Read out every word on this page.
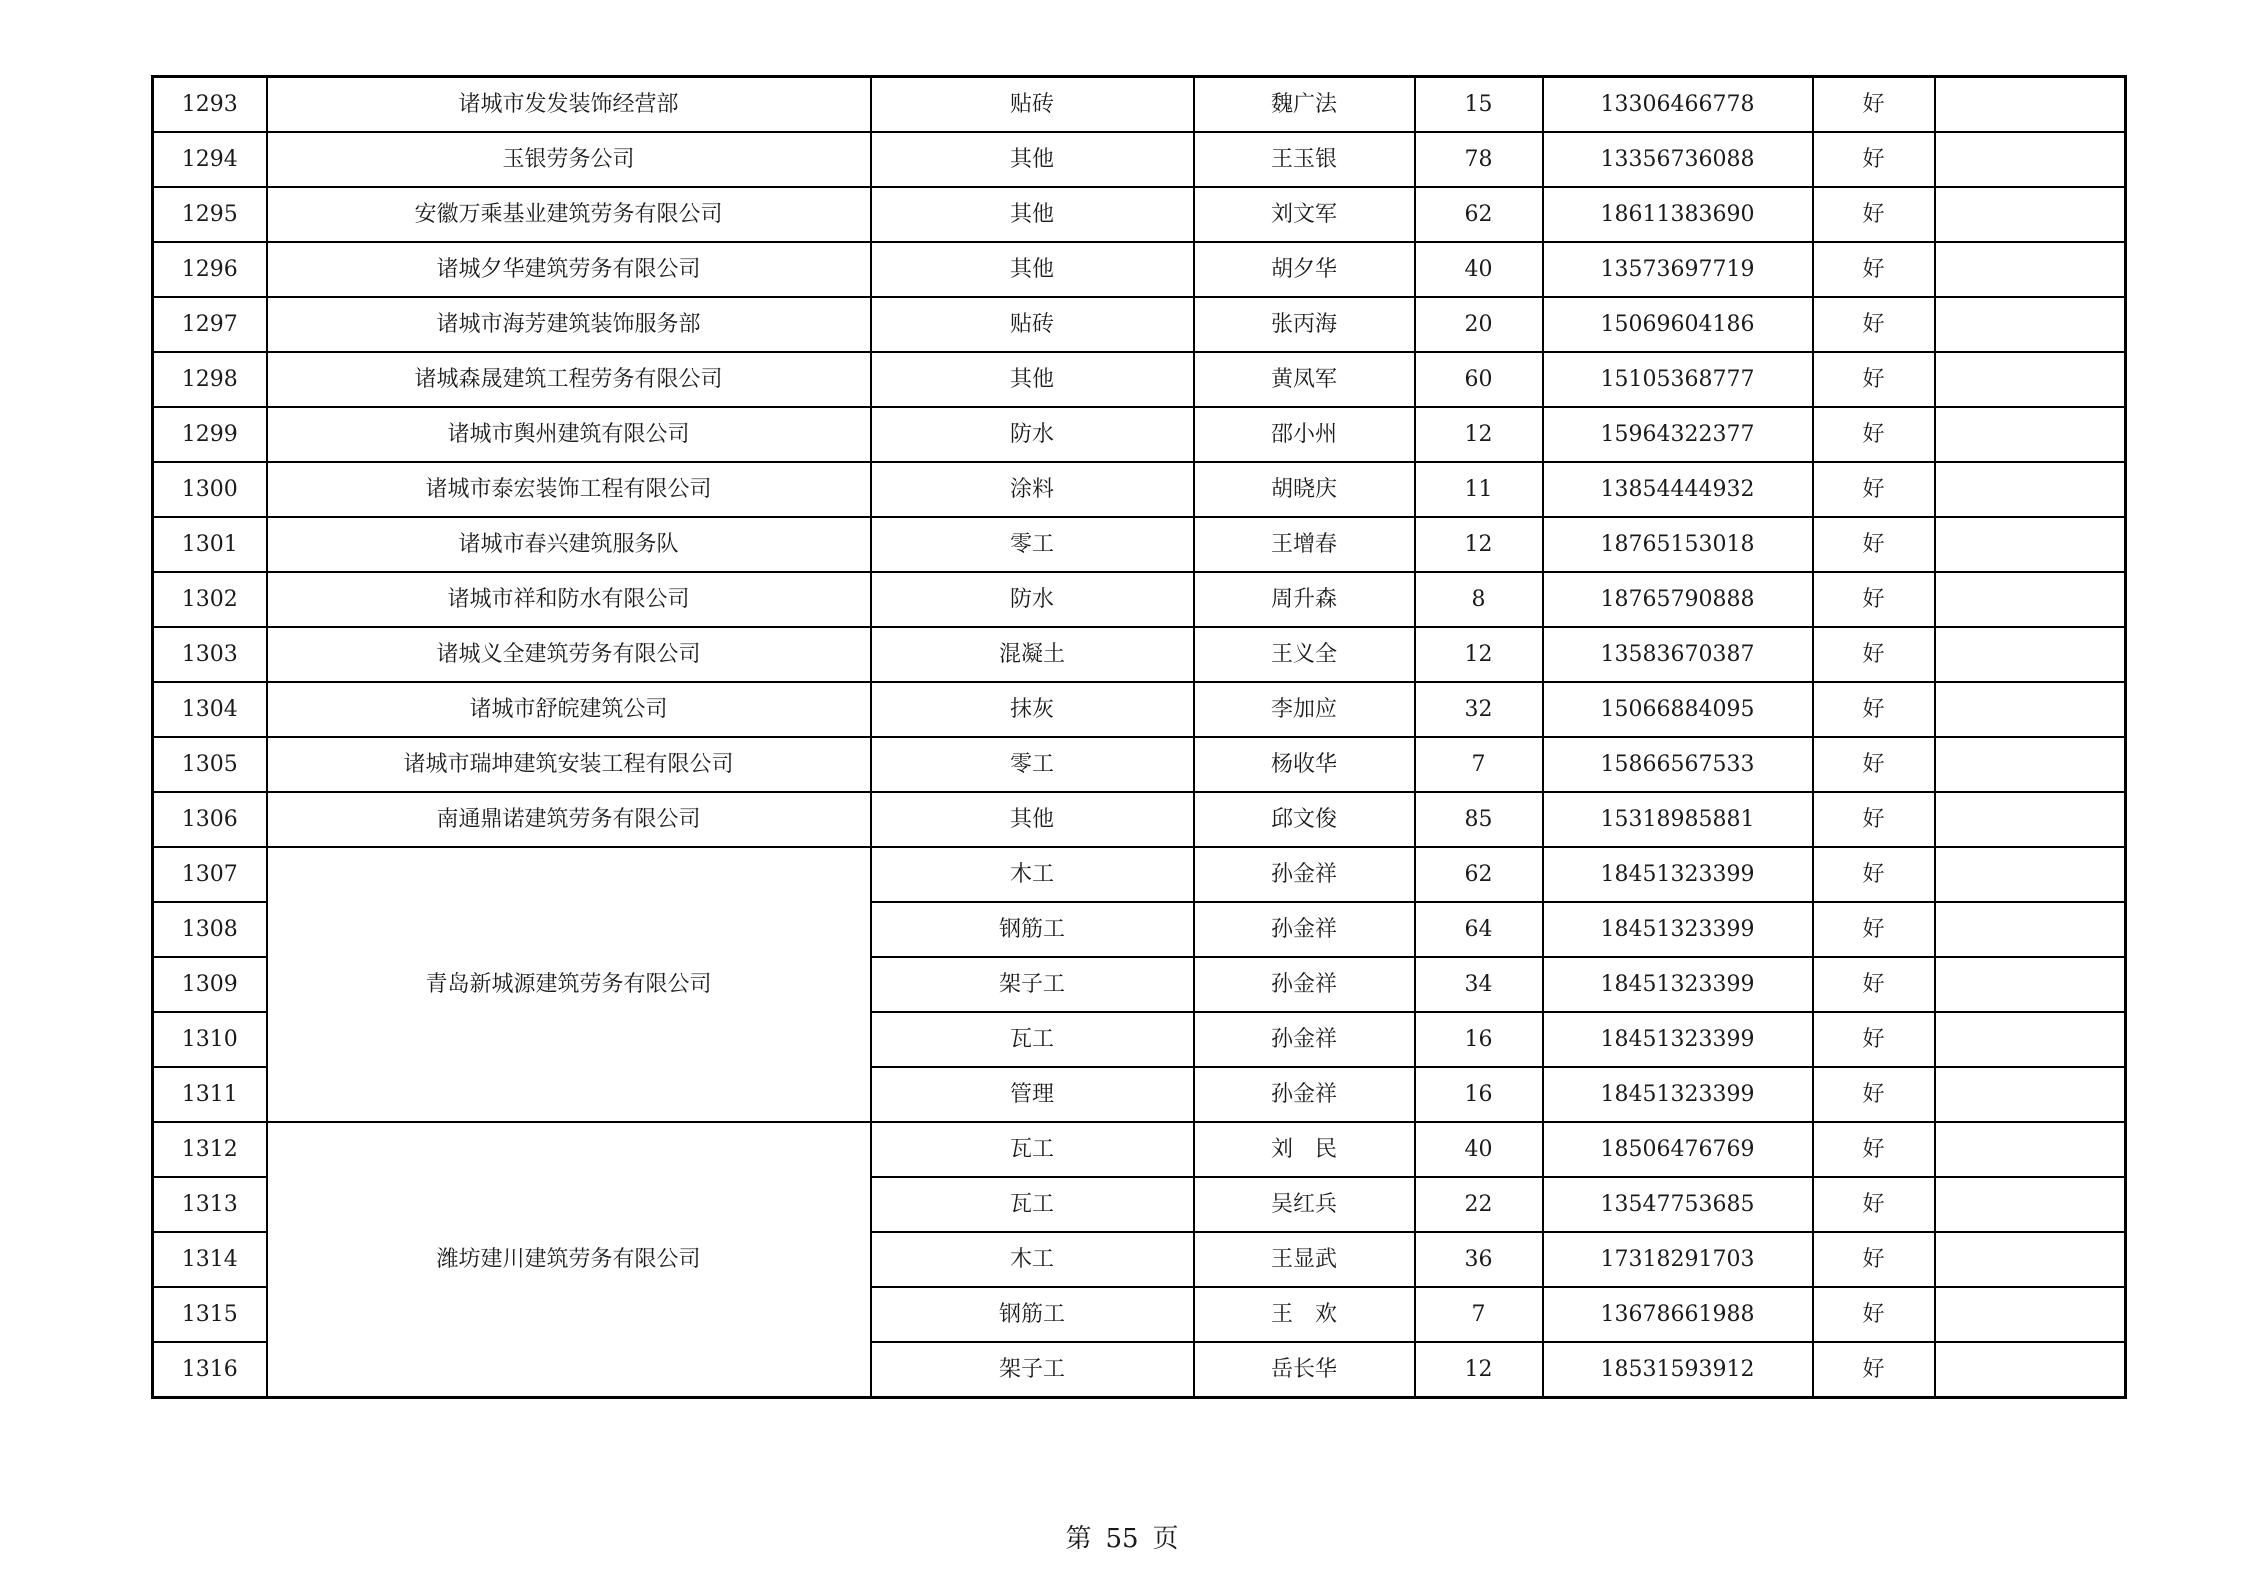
1293	诸城市发发装饰经营部	贴砖	魏广法	15	13306466778	好	
1294	玉银劳务公司	其他	王玉银	78	13356736088	好	
1295	安徽万乘基业建筑劳务有限公司	其他	刘文军	62	18611383690	好	
1296	诸城夕华建筑劳务有限公司	其他	胡夕华	40	13573697719	好	
1297	诸城市海芳建筑装饰服务部	贴砖	张丙海	20	15069604186	好	
1298	诸城森晟建筑工程劳务有限公司	其他	黄凤军	60	15105368777	好	
1299	诸城市舆州建筑有限公司	防水	邵小州	12	15964322377	好	
1300	诸城市泰宏装饰工程有限公司	涂料	胡晓庆	11	13854444932	好	
1301	诸城市春兴建筑服务队	零工	王增春	12	18765153018	好	
1302	诸城市祥和防水有限公司	防水	周升森	8	18765790888	好	
1303	诸城义全建筑劳务有限公司	混凝土	王义全	12	13583670387	好	
1304	诸城市舒皖建筑公司	抹灰	李加应	32	15066884095	好	
1305	诸城市瑞坤建筑安装工程有限公司	零工	杨收华	7	15866567533	好	
1306	南通鼎诺建筑劳务有限公司	其他	邱文俊	85	15318985881	好	
1307	青岛新城源建筑劳务有限公司	木工	孙金祥	62	18451323399	好	
1308		钢筋工	孙金祥	64	18451323399	好	
1309		架子工	孙金祥	34	18451323399	好	
1310		瓦工	孙金祥	16	18451323399	好	
1311		管理	孙金祥	16	18451323399	好	
1312	潍坊建川建筑劳务有限公司	瓦工	刘　民	40	18506476769	好	
1313		瓦工	吴红兵	22	13547753685	好	
1314		木工	王显武	36	17318291703	好	
1315		钢筋工	王　欢	7	13678661988	好	
1316		架子工	岳长华	12	18531593912	好	
第 55 页
